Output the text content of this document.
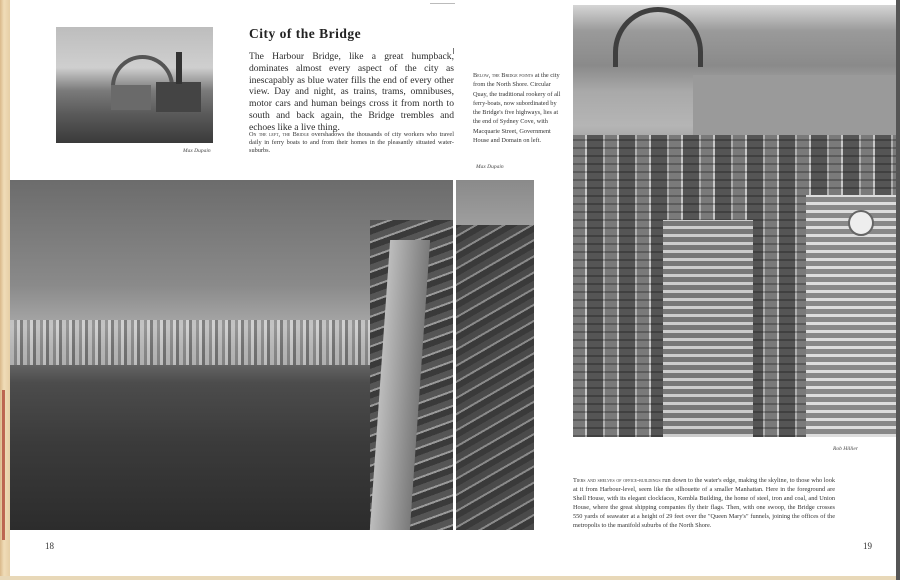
Max Dupain
City of the Bridge
The Harbour Bridge, like a great humpback, dominates almost every aspect of the city as inescapably as blue water fills the end of every other view. Day and night, as trains, trams, omnibuses, motor cars and human beings cross it from north to south and back again, the Bridge trembles and echoes like a live thing.
On the left, the Bridge overshadows the thousands of city workers who travel daily in ferry boats to and from their homes in the pleasantly situated water-suburbs.
Below, the Bridge points at the city from the North Shore. Circular Quay, the traditional rookery of all ferry-boats, now subordinated by the Bridge's five highways, lies at the end of Sydney Cove, with Macquarie Street, Government House and Domain on left.
Max Dupain
18
Rob Hillier
Tiers and shelves of office-buildings run down to the water's edge, making the skyline, to those who look at it from Harbour-level, seem like the silhouette of a smaller Manhattan. Here in the foreground are Shell House, with its elegant clockfaces, Kembla Building, the home of steel, iron and coal, and Union House, where the great shipping companies fly their flags. Then, with one swoop, the Bridge crosses 550 yards of seawater at a height of 29 feet over the "Queen Mary's" funnels, joining the offices of the metropolis to the manifold suburbs of the North Shore.
19
